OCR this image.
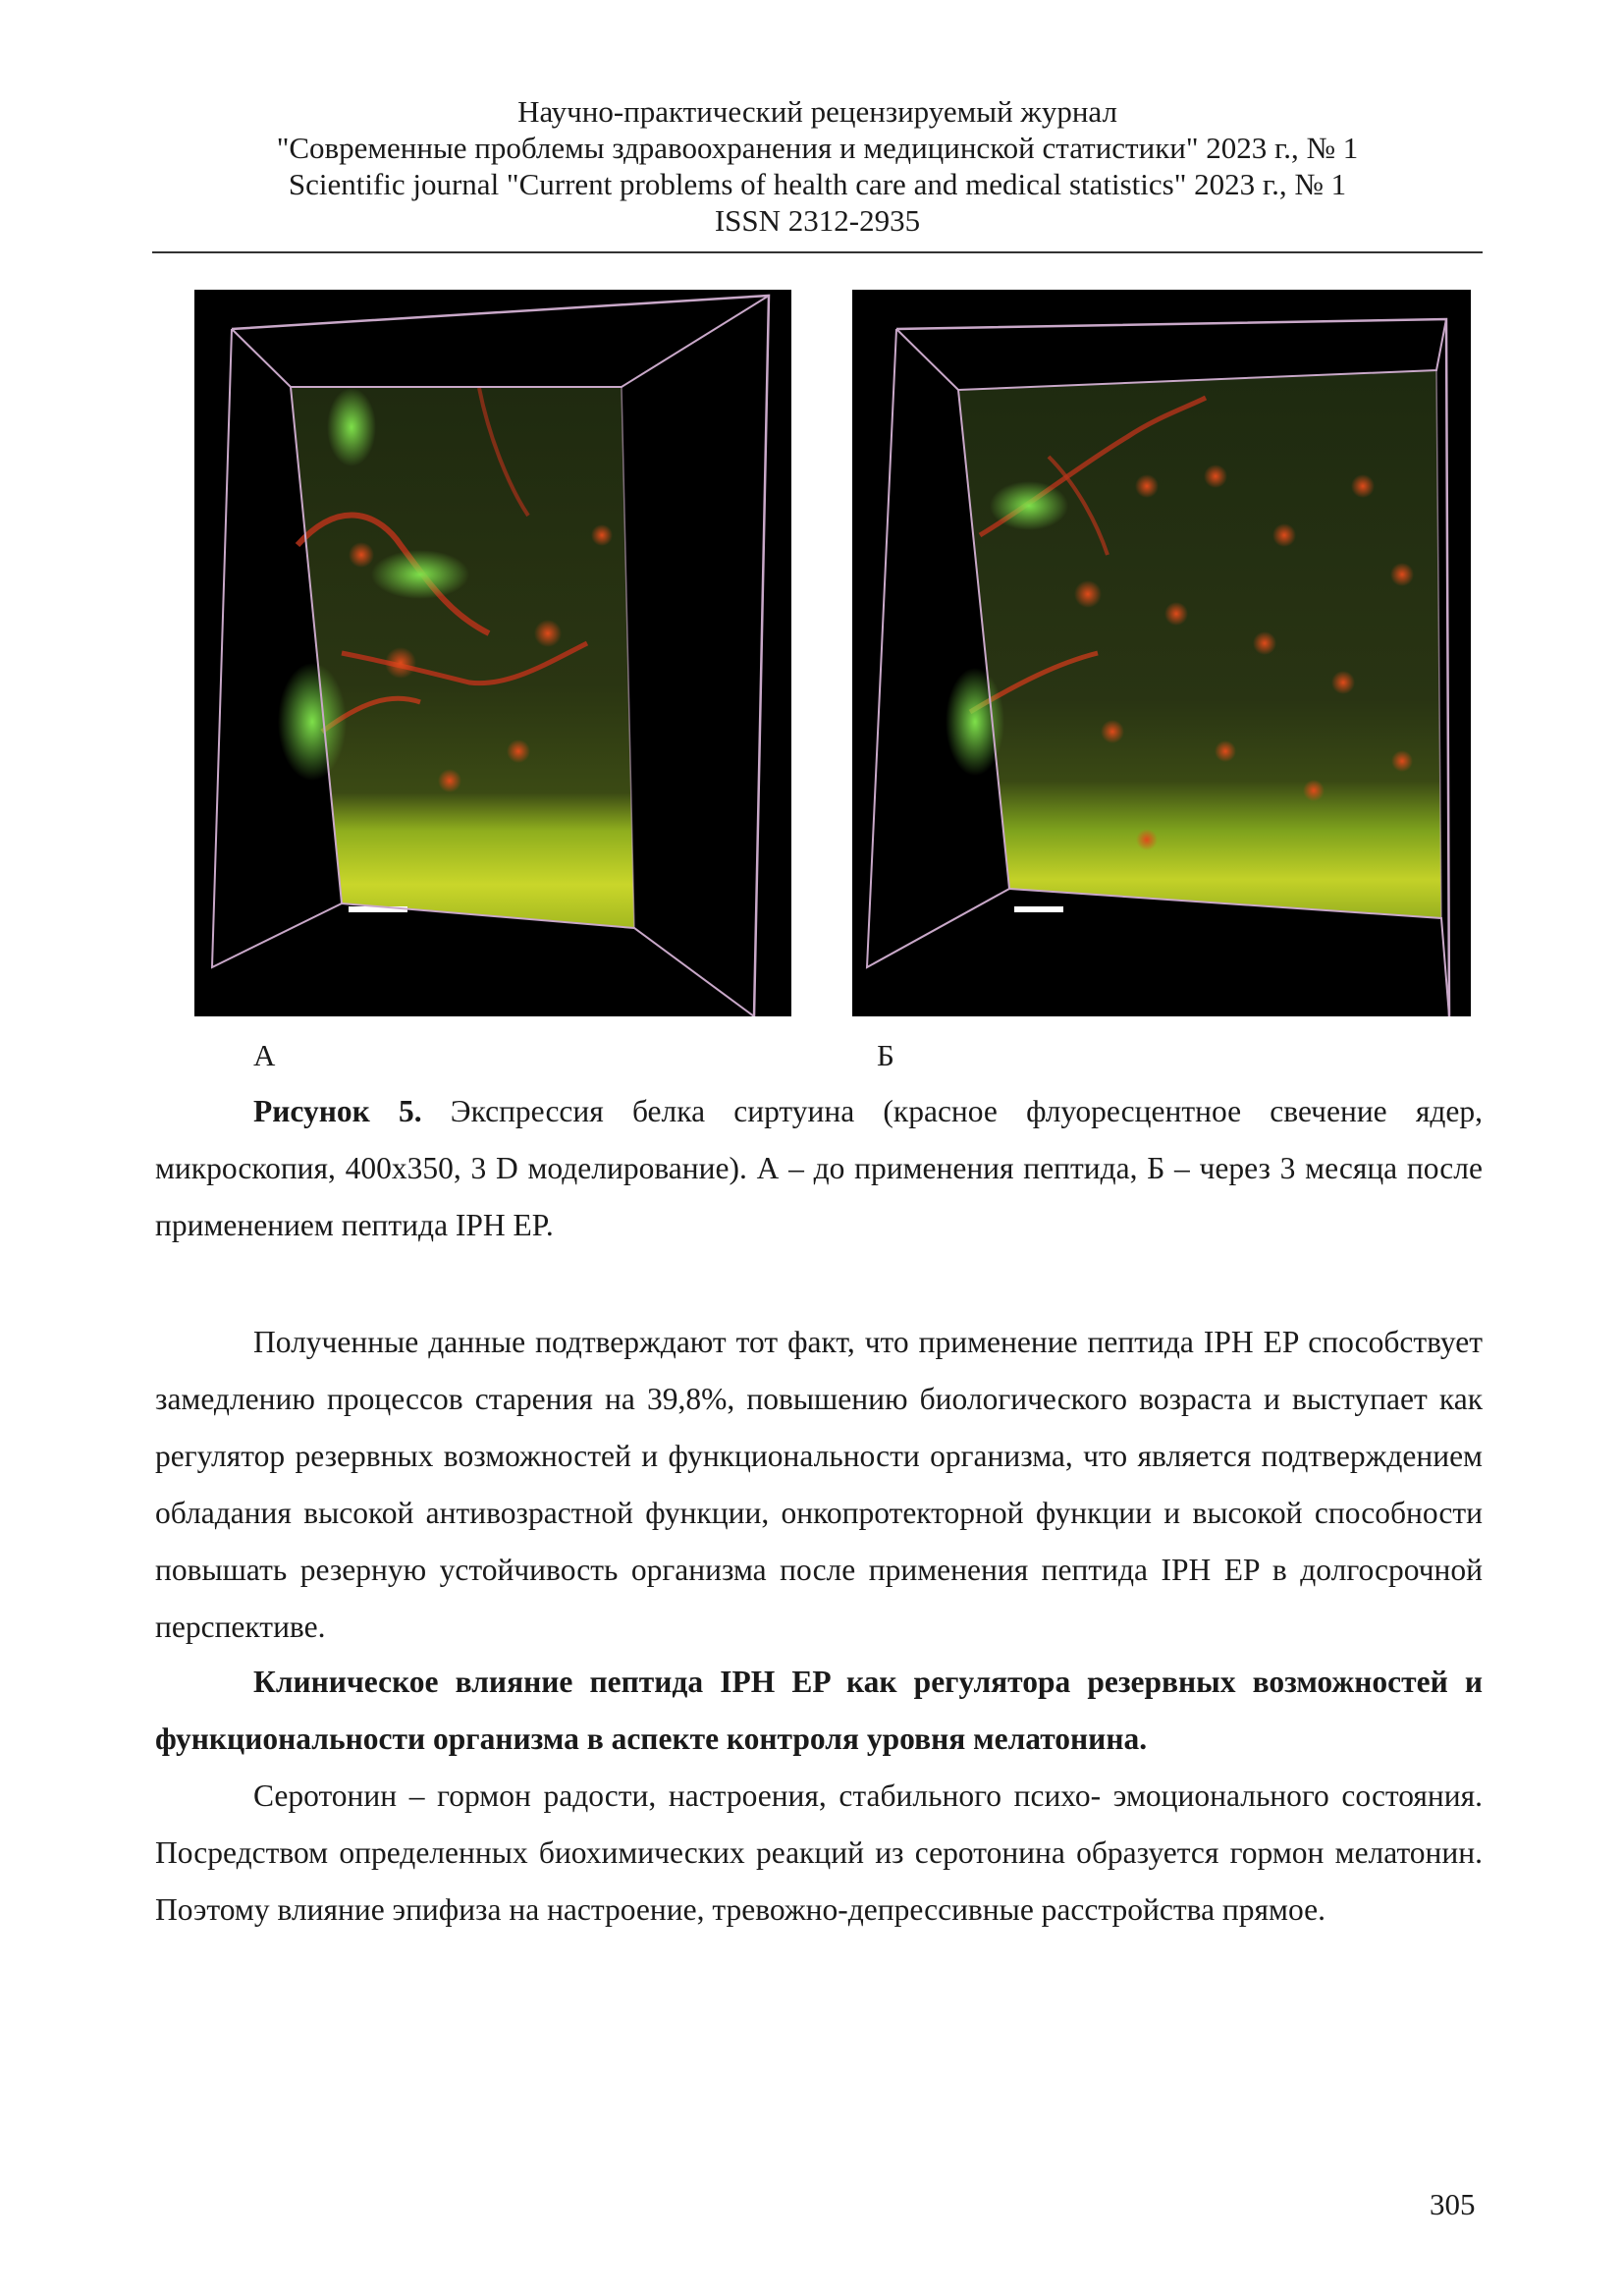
Научно-практический рецензируемый журнал
"Современные проблемы здравоохранения и медицинской статистики" 2023 г., № 1
Scientific journal "Current problems of health care and medical statistics" 2023 г., № 1
ISSN 2312-2935
А	Б
Рисунок 5. Экспрессия белка сиртуина (красное флуоресцентное свечение ядер, микроскопия, 400x350, 3 D моделирование). А – до применения пептида, Б – через 3 месяца после применением пептида IPH EP.
Полученные данные подтверждают тот факт, что применение пептида IPH EP способствует замедлению процессов старения на 39,8%, повышению биологического возраста и выступает как регулятор резервных возможностей и функциональности организма, что является подтверждением обладания высокой антивозрастной функции, онкопротекторной функции и высокой способности повышать резерную устойчивость организма после применения пептида IPH EP в долгосрочной перспективе.
Клиническое влияние пептида IPH EP как регулятора резервных возможностей и функциональности организма в аспекте контроля уровня мелатонина.
Серотонин – гормон радости, настроения, стабильного психо- эмоционального состояния. Посредством определенных биохимических реакций из серотонина образуется гормон мелатонин. Поэтому влияние эпифиза на настроение, тревожно-депрессивные расстройства прямое.
305
